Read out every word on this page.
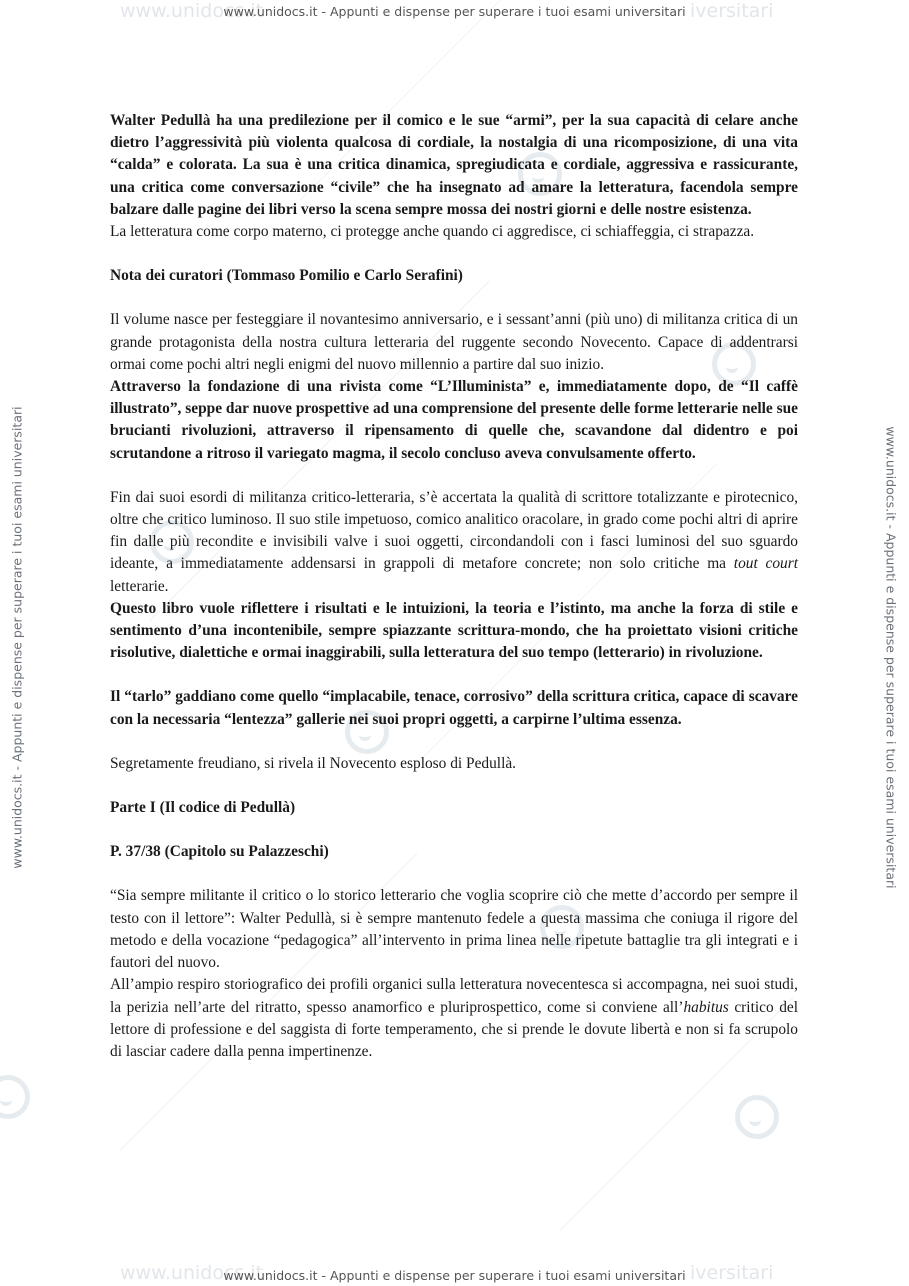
www.unidocs.it	iversitari
www.unidocs.it	iversitari
www.unidocs.it - Appunti e dispense per superare i tuoi esami universitari
www.unidocs.it - Appunti e dispense per superare i tuoi esami universitari
www.unidocs.it - Appunti e dispense per superare i tuoi esami universitari	www.unidocs.it - Appunti e dispense per superare i tuoi esami universitari

Walter Pedullà ha una predilezione per il comico e le sue “armi”, per la sua capacità di celare anche dietro l’aggressività più violenta qualcosa di cordiale, la nostalgia di una ricomposizione, di una vita “calda” e colorata. La sua è una critica dinamica, spregiudicata e cordiale, aggressiva e rassicurante, una critica come conversazione “civile” che ha insegnato ad amare la letteratura, facendola sempre balzare dalle pagine dei libri verso la scena sempre mossa dei nostri giorni e delle nostre esistenza.

La letteratura come corpo materno, ci protegge anche quando ci aggredisce, ci schiaffeggia, ci strapazza.

Nota dei curatori (Tommaso Pomilio e Carlo Serafini)

Il volume nasce per festeggiare il novantesimo anniversario, e i sessant’anni (più uno) di militanza critica di un grande protagonista della nostra cultura letteraria del ruggente secondo Novecento. Capace di addentrarsi ormai come pochi altri negli enigmi del nuovo millennio a partire dal suo inizio.

Attraverso la fondazione di una rivista come “L’Illuminista” e, immediatamente dopo, de “Il caffè illustrato”, seppe dar nuove prospettive ad una comprensione del presente delle forme letterarie nelle sue brucianti rivoluzioni, attraverso il ripensamento di quelle che, scavandone dal didentro e poi scrutandone a ritroso il variegato magma, il secolo concluso aveva convulsamente offerto.

Fin dai suoi esordi di militanza critico-letteraria, s’è accertata la qualità di scrittore totalizzante e pirotecnico, oltre che critico luminoso. Il suo stile impetuoso, comico analitico oracolare, in grado come pochi altri di aprire fin dalle più recondite e invisibili valve i suoi oggetti, circondandoli con i fasci luminosi del suo sguardo ideante, a immediatamente addensarsi in grappoli di metafore concrete; non solo critiche ma tout court letterarie.

Questo libro vuole riflettere i risultati e le intuizioni, la teoria e l’istinto, ma anche la forza di stile e sentimento d’una incontenibile, sempre spiazzante scrittura-mondo, che ha proiettato visioni critiche risolutive, dialettiche e ormai inaggirabili, sulla letteratura del suo tempo (letterario) in rivoluzione.

Il “tarlo” gaddiano come quello “implacabile, tenace, corrosivo” della scrittura critica, capace di scavare con la necessaria “lentezza” gallerie nei suoi propri oggetti, a carpirne l’ultima essenza.

Segretamente freudiano, si rivela il Novecento esploso di Pedullà.

Parte I (Il codice di Pedullà)

P. 37/38 (Capitolo su Palazzeschi)

“Sia sempre militante il critico o lo storico letterario che voglia scoprire ciò che mette d’accordo per sempre il testo con il lettore”: Walter Pedullà, si è sempre mantenuto fedele a questa massima che coniuga il rigore del metodo e della vocazione “pedagogica” all’intervento in prima linea nelle ripetute battaglie tra gli integrati e i fautori del nuovo.

All’ampio respiro storiografico dei profili organici sulla letteratura novecentesca si accompagna, nei suoi studi, la perizia nell’arte del ritratto, spesso anamorfico e pluriprospettico, come si conviene all’habitus critico del lettore di professione e del saggista di forte temperamento, che si prende le dovute libertà e non si fa scrupolo di lasciar cadere dalla penna impertinenze.
